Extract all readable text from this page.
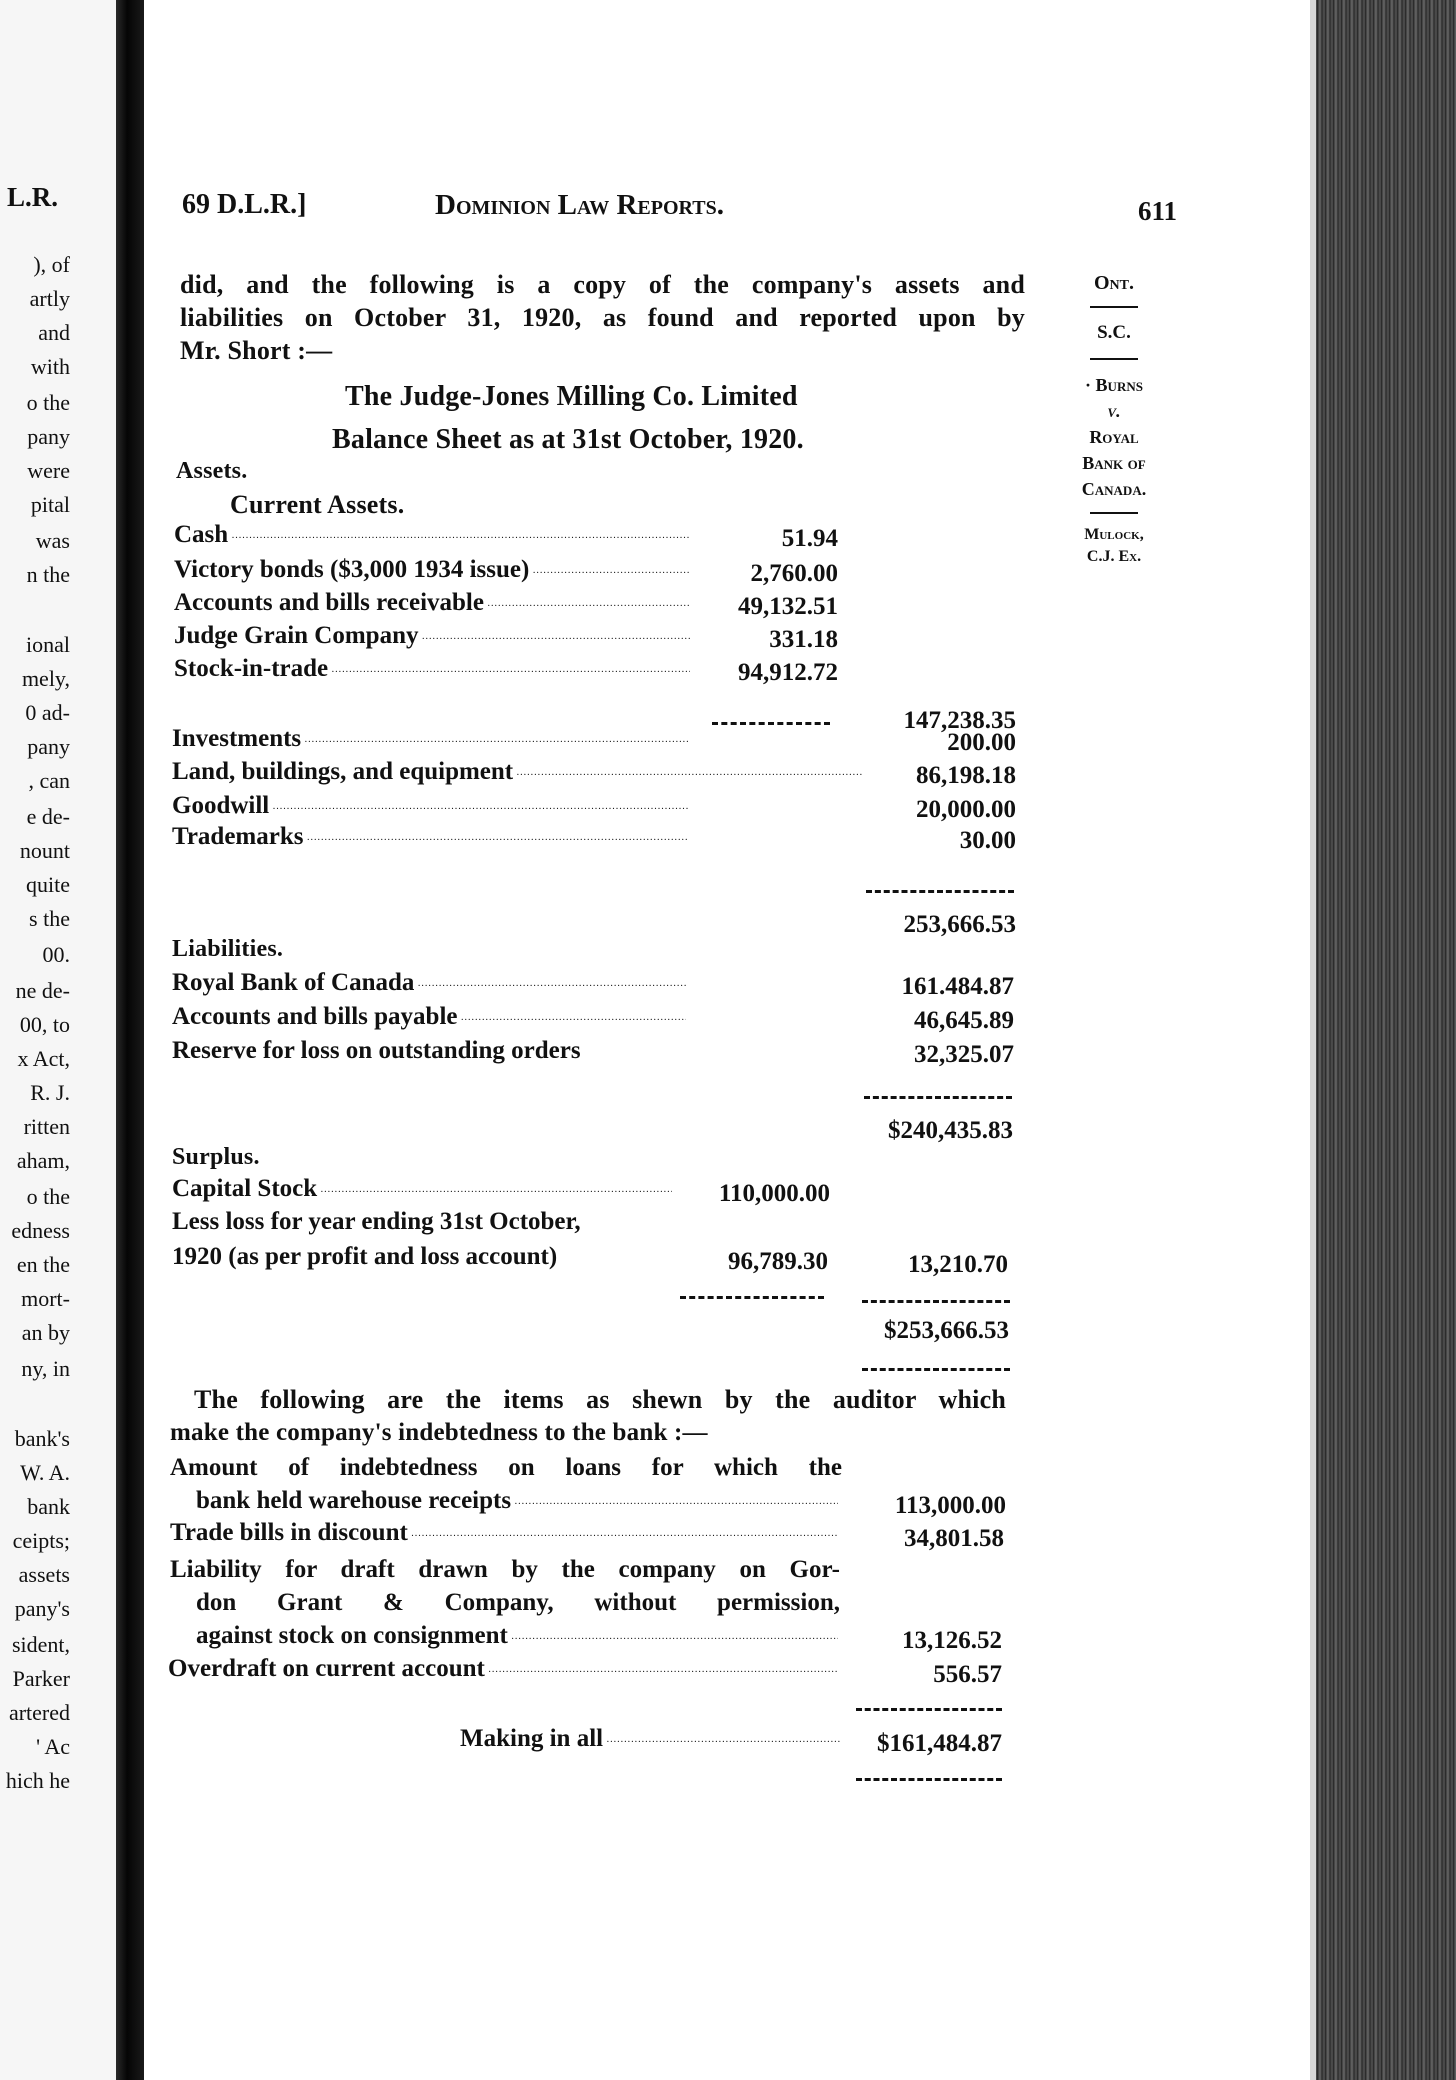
L.R.
), of
artly
and
with
o the
pany
were
pital
was
n the
ional
mely,
0 ad-
pany
, can
e de-
nount
quite
s the
00.
ne de-
00, to
x Act,
R. J.
ritten
aham,
o the
edness
en the
mort-
an by
ny, in
bank's
W. A.
bank
ceipts;
assets
pany's
sident,
Parker
artered
' Ac
hich he
69 D.L.R.]	Dominion Law Reports.	611
Ont.
S.C.
· Burns
v.
Royal
Bank of
Canada.
Mulock,
C.J. Ex.
did, and the following is a copy of the company's assets and
liabilities on October 31, 1920, as found and reported upon by
Mr. Short :—
The Judge-Jones Milling Co. Limited
Balance Sheet as at 31st October, 1920.
Assets.
Current Assets.
Cash .....	51.94
Victory bonds ($3,000 1934 issue) .....	2,760.00
Accounts and bills receivable .....	49,132.51
Judge Grain Company .....	331.18
Stock-in-trade .....	94,912.72
147,238.35
Investments .....	200.00
Land, buildings, and equipment .....	86,198.18
Goodwill .....	20,000.00
Trademarks .....	30.00
253,666.53
Liabilities.
Royal Bank of Canada .....	161.484.87
Accounts and bills payable .....	46,645.89
Reserve for loss on outstanding orders	32,325.07
$240,435.83
Surplus.
Capital Stock .....	110,000.00
Less loss for year ending 31st October,
1920 (as per profit and loss account)	96,789.30	13,210.70
$253,666.53
The following are the items as shewn by the auditor which
make the company's indebtedness to the bank :—
Amount of indebtedness on loans for which the
bank held warehouse receipts .....	113,000.00
Trade bills in discount .....	34,801.58
Liability for draft drawn by the company on Gor-
don Grant & Company, without permission,
against stock on consignment .....	13,126.52
Overdraft on current account .....	556.57
Making in all .....	$161,484.87
